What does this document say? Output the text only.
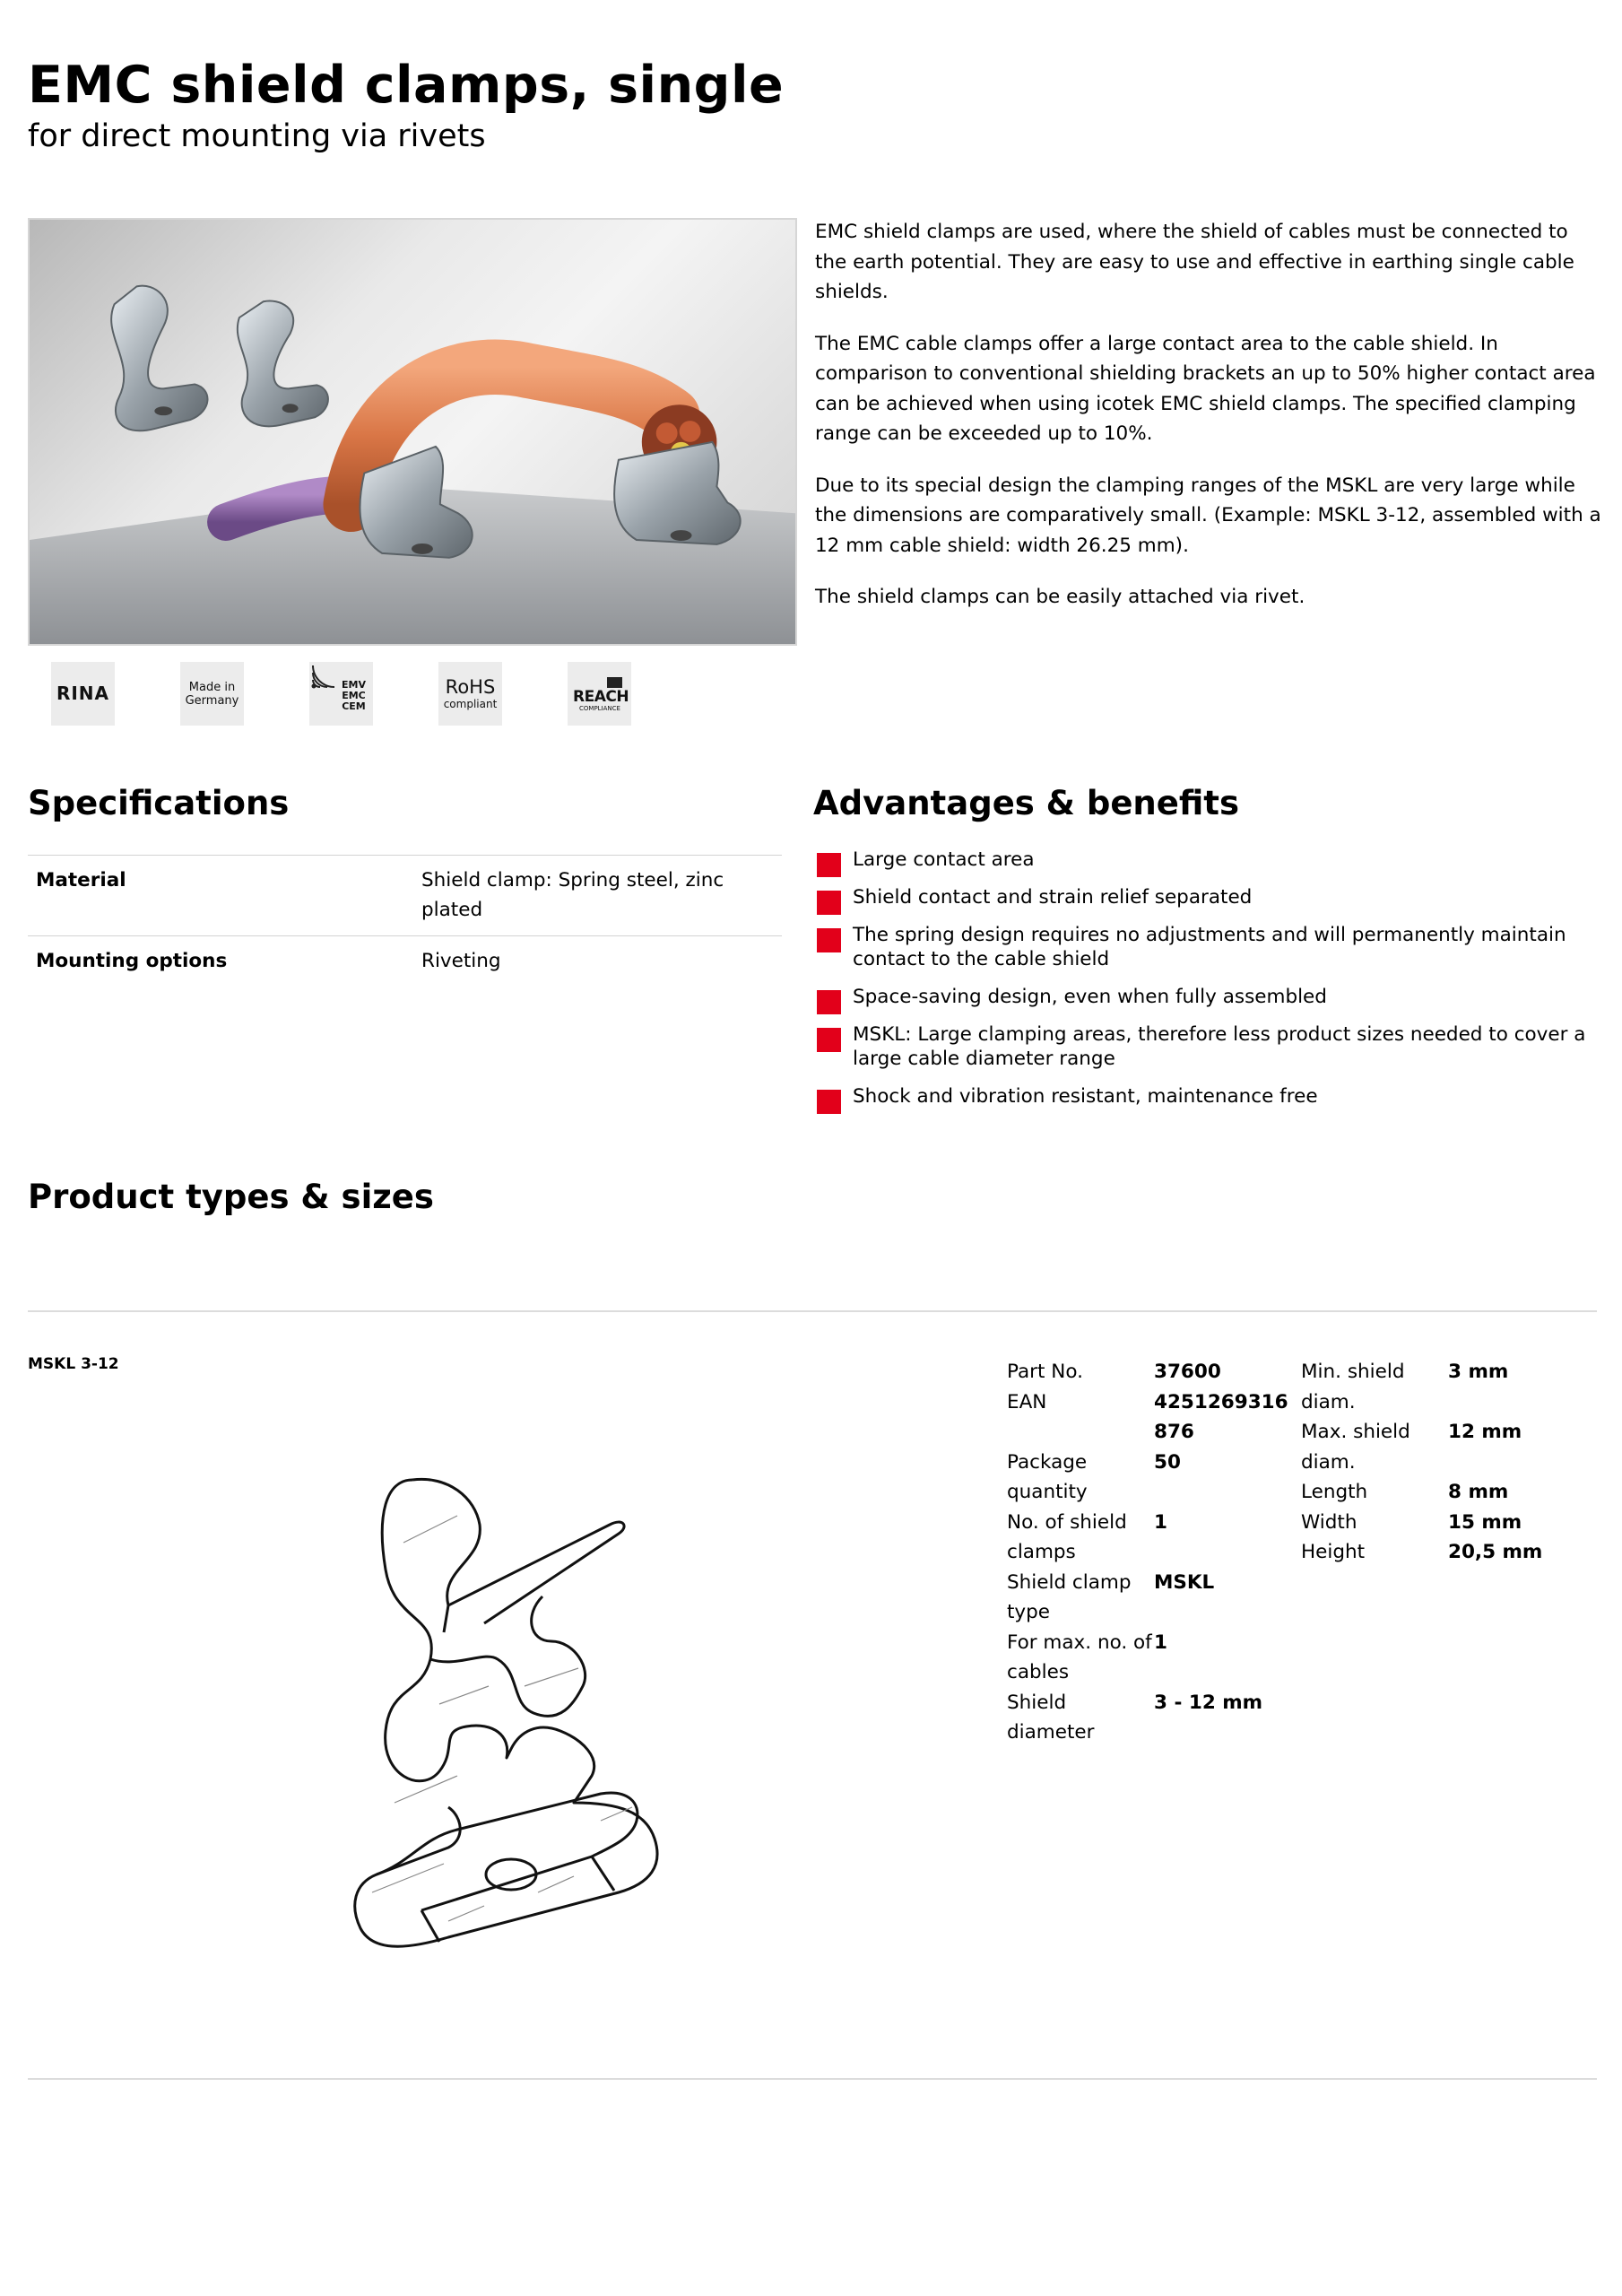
EMC shield clamps, single
for direct mounting via rivets

EMC shield clamps are used, where the shield of cables must be connected to the earth potential. They are easy to use and effective in earthing single cable shields.

The EMC cable clamps offer a large contact area to the cable shield. In comparison to conventional shielding brackets an up to 50% higher contact area can be achieved when using icotek EMC shield clamps. The specified clamping range can be exceeded up to 10%.

Due to its special design the clamping ranges of the MSKL are very large while the dimensions are comparatively small. (Example: MSKL 3-12, assembled with a 12 mm cable shield: width 26.25 mm).

The shield clamps can be easily attached via rivet.

RINA	Made in
Germany
EMV
EMC
CEM
RoHS
compliant	REACH
COMPLIANCE
Specifications
Material	Shield clamp: Spring steel, zinc plated
Mounting options	Riveting
Advantages & benefits
Large contact area
Shield contact and strain relief separated
The spring design requires no adjustments and will permanently maintain contact to the cable shield
Space-saving design, even when fully assembled
MSKL: Large clamping areas, therefore less product sizes needed to cover a large cable diameter range
Shock and vibration resistant, maintenance free
Product types & sizes

MSKL 3-12	Part No.	37600
EAN	4251269316876
Package quantity	50
No. of shield clamps	1
Shield clamp type	MSKL
For max. no. of cables	1
Shield diameter	3 - 12 mm
Min. shield diam.	3 mm
Max. shield diam.	12 mm
Length	8 mm
Width	15 mm
Height	20,5 mm
